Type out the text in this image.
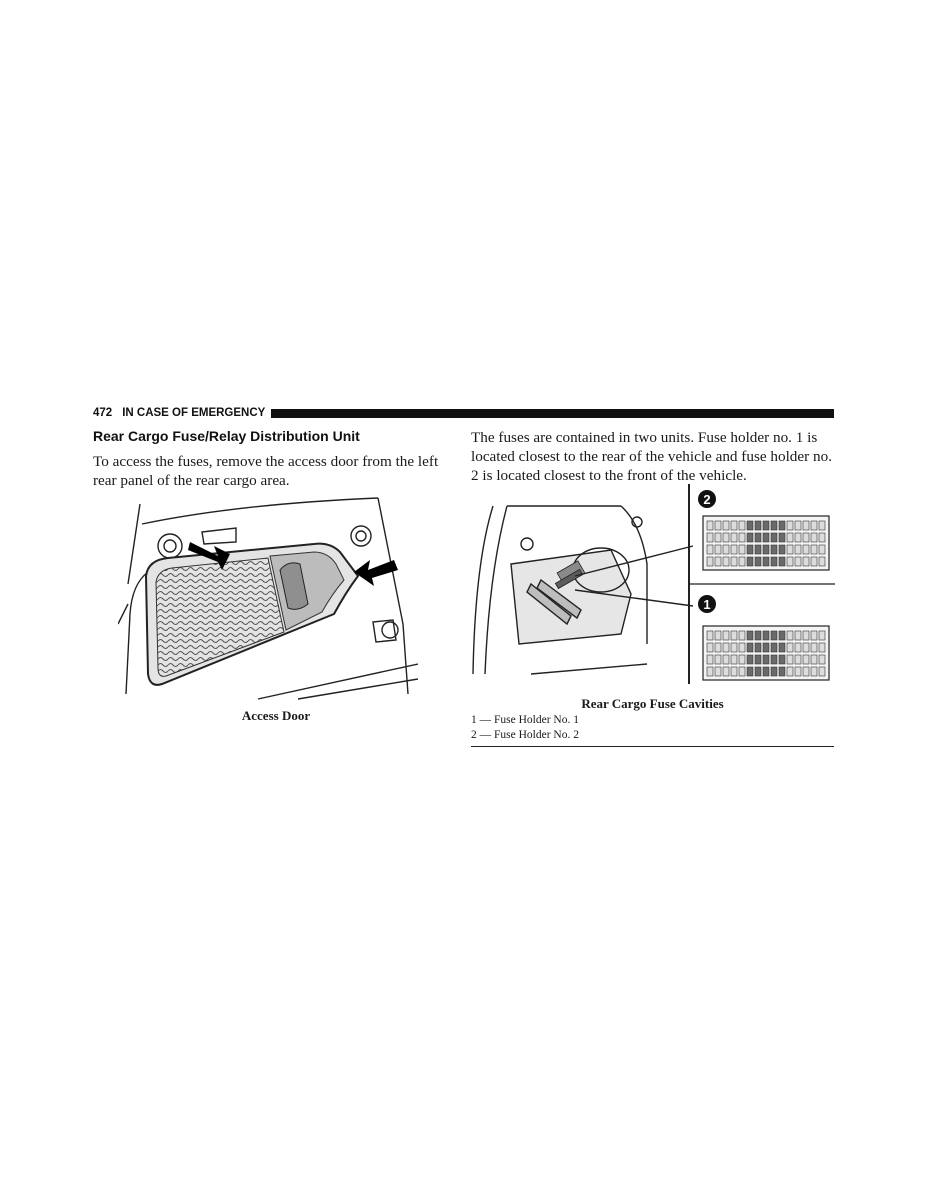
472 IN CASE OF EMERGENCY
Rear Cargo Fuse/Relay Distribution Unit

To access the fuses, remove the access door from the left rear panel of the rear cargo area.

The fuses are contained in two units. Fuse holder no. 1 is located closest to the rear of the vehicle and fuse holder no. 2 is located closest to the front of the vehicle.

Access Door
2
1
Rear Cargo Fuse Cavities
1 — Fuse Holder No. 1
2 — Fuse Holder No. 2
